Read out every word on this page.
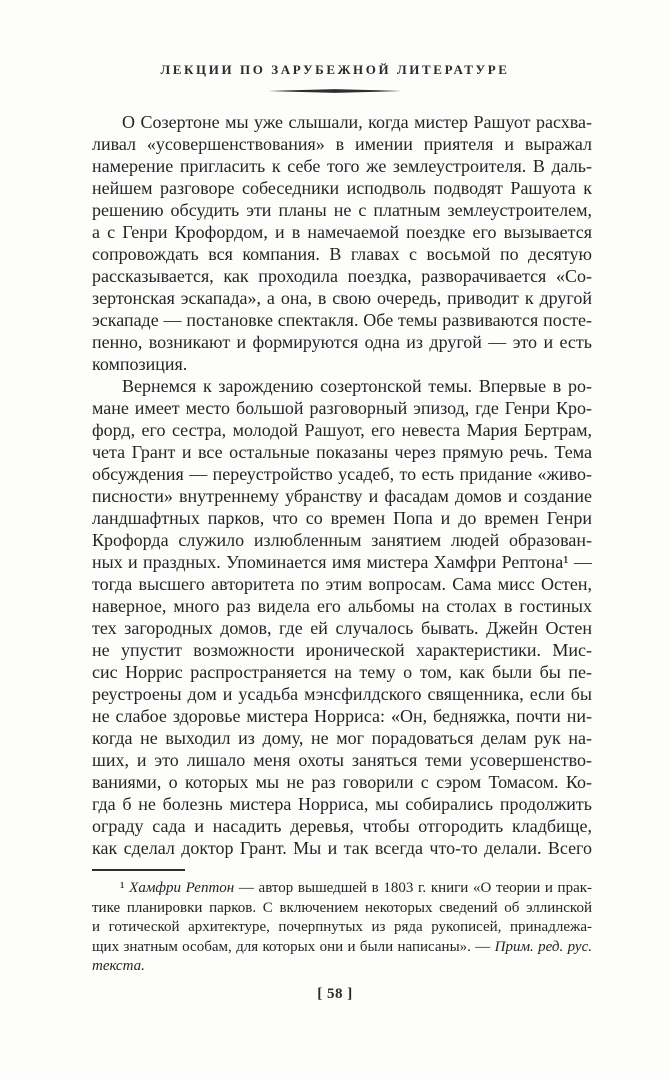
ЛЕКЦИИ ПО ЗАРУБЕЖНОЙ ЛИТЕРАТУРЕ
О Созертоне мы уже слышали, когда мистер Рашуот расхва-
ливал «усовершенствования» в имении приятеля и выражал
намерение пригласить к себе того же землеустроителя. В даль-
нейшем разговоре собеседники исподволь подводят Рашуота к
решению обсудить эти планы не с платным землеустроителем,
а с Генри Крофордом, и в намечаемой поездке его вызывается
сопровождать вся компания. В главах с восьмой по десятую
рассказывается, как проходила поездка, разворачивается «Со-
зертонская эскапада», а она, в свою очередь, приводит к другой
эскападе — постановке спектакля. Обе темы развиваются посте-
пенно, возникают и формируются одна из другой — это и есть
композиция.
Вернемся к зарождению созертонской темы. Впервые в ро-
мане имеет место большой разговорный эпизод, где Генри Кро-
форд, его сестра, молодой Рашуот, его невеста Мария Бертрам,
чета Грант и все остальные показаны через прямую речь. Тема
обсуждения — переустройство усадеб, то есть придание «живо-
писности» внутреннему убранству и фасадам домов и создание
ландшафтных парков, что со времен Попа и до времен Генри
Крофорда служило излюбленным занятием людей образован-
ных и праздных. Упоминается имя мистера Хамфри Рептона¹ —
тогда высшего авторитета по этим вопросам. Сама мисс Остен,
наверное, много раз видела его альбомы на столах в гостиных
тех загородных домов, где ей случалось бывать. Джейн Остен
не упустит возможности иронической характеристики. Мис-
сис Норрис распространяется на тему о том, как были бы пе-
реустроены дом и усадьба мэнсфилдского священника, если бы
не слабое здоровье мистера Норриса: «Он, бедняжка, почти ни-
когда не выходил из дому, не мог порадоваться делам рук на-
ших, и это лишало меня охоты заняться теми усовершенство-
ваниями, о которых мы не раз говорили с сэром Томасом. Ко-
гда б не болезнь мистера Норриса, мы собирались продолжить
ограду сада и насадить деревья, чтобы отгородить кладбище,
как сделал доктор Грант. Мы и так всегда что-то делали. Всего
¹ Хамфри Рептон — автор вышедшей в 1803 г. книги «О теории и прак-
тике планировки парков. С включением некоторых сведений об эллинской
и готической архитектуре, почерпнутых из ряда рукописей, принадлежа-
щих знатным особам, для которых они и были написаны». — Прим. ред. рус.
текста.
[ 58 ]
